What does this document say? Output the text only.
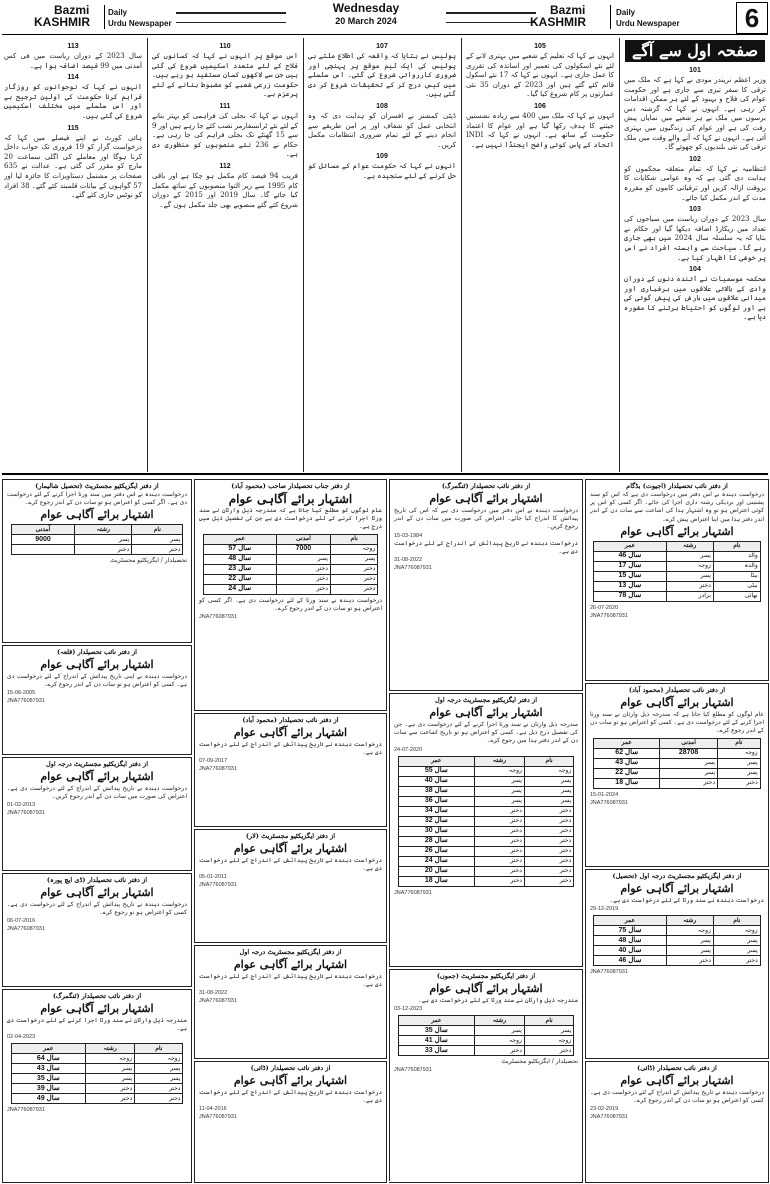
Bazmi
KASHMIR
Daily
Urdu Newspaper
Wednesday
20 March 2024
Bazmi
KASHMIR
Daily
Urdu Newspaper	6
صفحہ اول سے آگے
101
وزیر اعظم نریندر مودی نے کہا ہے کہ ملک میں ترقی کا سفر تیزی سے جاری ہے اور حکومت عوام کی فلاح و بہبود کے لئے ہر ممکن اقدامات کر رہی ہے۔ انہوں نے کہا کہ گزشتہ دس برسوں میں ملک نے ہر شعبے میں نمایاں پیش رفت کی ہے اور عوام کی زندگیوں میں بہتری آئی ہے۔ انہوں نے کہا کہ آنے والے وقت میں ملک ترقی کی نئی بلندیوں کو چھوئے گا۔
102
انتظامیہ نے کہا کہ تمام متعلقہ محکموں کو ہدایت دی گئی ہے کہ وہ عوامی شکایات کا بروقت ازالہ کریں اور ترقیاتی کاموں کو مقررہ مدت کے اندر مکمل کیا جائے۔
103
سال 2023 کے دوران ریاست میں سیاحوں کی تعداد میں ریکارڈ اضافہ دیکھا گیا اور حکام نے بتایا کہ یہ سلسلہ سال 2024 میں بھی جاری رہے گا۔ سیاحت سے وابستہ افراد نے اس پر خوشی کا اظہار کیا ہے۔
104
محکمہ موسمیات نے آئندہ دنوں کے دوران وادی کے بالائی علاقوں میں برفباری اور میدانی علاقوں میں بارش کی پیش گوئی کی ہے اور لوگوں کو احتیاط برتنے کا مشورہ دیا ہے۔
105
انہوں نے کہا کہ تعلیم کے شعبے میں بہتری لانے کے لئے نئے اسکولوں کی تعمیر اور اساتذہ کی تقرری کا عمل جاری ہے۔ انہوں نے کہا کہ 17 نئے اسکول قائم کئے گئے ہیں اور 2023 کے دوران 35 نئی عمارتوں پر کام شروع کیا گیا۔
106
انہوں نے کہا کہ ملک میں 400 سے زیادہ نشستیں جیتنے کا ہدف رکھا گیا ہے اور عوام کا اعتماد حکومت کے ساتھ ہے۔ انہوں نے کہا کہ INDI اتحاد کے پاس کوئی واضح ایجنڈا نہیں ہے۔
107
پولیس نے بتایا کہ واقعہ کی اطلاع ملتے ہی پولیس کی ایک ٹیم موقع پر پہنچی اور ضروری کارروائی شروع کی گئی۔ اس سلسلے میں کیس درج کر کے تحقیقات شروع کر دی گئی ہیں۔
108
ڈپٹی کمشنر نے افسران کو ہدایت دی کہ وہ انتخابی عمل کو شفاف اور پر امن طریقے سے انجام دینے کے لئے تمام ضروری انتظامات مکمل کریں۔
109
انہوں نے کہا کہ حکومت عوام کے مسائل کو حل کرنے کے لئے سنجیدہ ہے۔
110
اس موقع پر انہوں نے کہا کہ کسانوں کی فلاح کے لئے متعدد اسکیمیں شروع کی گئی ہیں جن سے لاکھوں کسان مستفید ہو رہے ہیں۔ حکومت زرعی شعبے کو مضبوط بنانے کے لئے پرعزم ہے۔
111
انہوں نے کہا کہ بجلی کی فراہمی کو بہتر بنانے کے لئے نئے ٹرانسفارمر نصب کئے جا رہے ہیں اور 9 سے 15 گھنٹے تک بجلی فراہم کی جا رہی ہے۔ حکام نے 236 نئے منصوبوں کو منظوری دی ہے۔
112
قریب 94 فیصد کام مکمل ہو چکا ہے اور باقی کام 1995 سے زیر التوا منصوبوں کے ساتھ مکمل کیا جائے گا۔ سال 2019 اور 2015 کے دوران شروع کئے گئے منصوبے بھی جلد مکمل ہوں گے۔
113
سال 2023 کے دوران ریاست میں فی کس آمدنی میں 99 فیصد اضافہ ہوا ہے۔
114
انہوں نے کہا کہ نوجوانوں کو روزگار فراہم کرنا حکومت کی اولین ترجیح ہے اور اس سلسلے میں مختلف اسکیمیں شروع کی گئی ہیں۔
115
ہائی کورٹ نے اپنے فیصلے میں کہا کہ درخواست گزار کو 19 فروری تک جواب داخل کرنا ہوگا اور معاملے کی اگلی سماعت 20 مارچ کو مقرر کی گئی ہے۔ عدالت نے 635 صفحات پر مشتمل دستاویزات کا جائزہ لیا اور 57 گواہوں کے بیانات قلمبند کئے گئے۔ 38 افراد کو نوٹس جاری کئے گئے۔
از دفتر نائب تحصیلدار (اجیوت) بڈگام
درخواست دہندہ نے اس دفتر میں درخواست دی ہے کہ اس کو سند پشتینی اور نزدیکی رشتہ داری اجرا کی جائے۔ اگر کسی کو اس پر کوئی اعتراض ہو تو وہ اشتہار ہذا کی اشاعت سے سات دن کے اندر اندر دفتر ہذا میں اپنا اعتراض پیش کرے۔
اشتہار برائے آگاہی عوام
نام	رشتہ	عمر
والد	پسر	46 سال
والدہ	زوجہ	17 سال
بیٹا	پسر	15 سال
بیٹی	دختر	13 سال
بھائی	برادر	78 سال
26-07-2020
JNA776087931
از دفتر نائب تحصیلدار (محمود آباد)
اشتہار برائے آگاہی عوام
عام لوگوں کو مطلع کیا جاتا ہے کہ مندرجہ ذیل وارثان نے سند ورثا اجرا کرنے کے لئے درخواست دی ہے۔ کسی کو اعتراض ہو تو سات دن کے اندر رجوع کرے۔
نام	آمدنی	عمر
زوجہ	28708	62 سال
پسر	پسر	43 سال
پسر	پسر	22 سال
دختر	دختر	18 سال
15-01-2024
JNA776087931
از دفتر ایگزیکٹیو مجسٹریٹ درجہ اول (تحصیل)
اشتہار برائے آگاہی عوام
درخواست دہندہ نے سند ورثا کے لئے درخواست دی ہے۔
29-12-2019
نام	رشتہ	عمر
زوجہ	زوجہ	75 سال
پسر	پسر	48 سال
پسر	پسر	40 سال
دختر	دختر	46 سال
JNA776087931
از دفتر نائب تحصیلدار (ڈائی)
اشتہار برائے آگاہی عوام
درخواست دہندہ نے تاریخ پیدائش کے اندراج کے لئے درخواست دی ہے۔ کسی کو اعتراض ہو تو سات دن کے اندر رجوع کرے۔
23-02-2019
JNA776087931
از دفتر نائب تحصیلدار (ٹنگمرگ)
اشتہار برائے آگاہی عوام
درخواست دہندہ نے اس دفتر میں درخواست دی ہے کہ اس کی تاریخ پیدائش کا اندراج کیا جائے۔ اعتراض کی صورت میں سات دن کے اندر رجوع کریں۔
15-03-1984
درخواست دہندہ نے تاریخ پیدائش کے اندراج کے لئے درخواست دی ہے۔
31-08-2022
JNA776087931
از دفتر ایگزیکٹیو مجسٹریٹ درجہ اول
اشتہار برائے آگاہی عوام
مندرجہ ذیل وارثان نے سند ورثا اجرا کرنے کے لئے درخواست دی ہے۔ جن کی تفصیل درج ذیل ہے۔ کسی کو اعتراض ہو تو تاریخ اشاعت سے سات دن کے اندر دفتر ہذا میں رجوع کرے۔
24-07-2020
نام	رشتہ	عمر
زوجہ	زوجہ	55 سال
پسر	پسر	40 سال
پسر	پسر	38 سال
پسر	پسر	36 سال
دختر	دختر	34 سال
دختر	دختر	32 سال
دختر	دختر	30 سال
دختر	دختر	28 سال
دختر	دختر	26 سال
دختر	دختر	24 سال
دختر	دختر	20 سال
دختر	دختر	18 سال
JNA776087931
از دفتر ایگزیکٹیو مجسٹریٹ (جموں)
اشتہار برائے آگاہی عوام
مندرجہ ذیل وارثان نے سند ورثا کے لئے درخواست دی ہے۔
03-12-2023
نام	رشتہ	عمر
پسر	پسر	35 سال
زوجہ	زوجہ	41 سال
دختر	دختر	33 سال
تحصیلدار / ایگزیکٹیو مجسٹریٹ
JNA776087931
از دفتر جناب تحصیلدار صاحب (محمود آباد)
اشتہار برائے آگاہی عوام
عام لوگوں کو مطلع کیا جاتا ہے کہ مندرجہ ذیل وارثان نے سند ورثا اجرا کرنے کے لئے درخواست دی ہے جن کی تفصیل ذیل میں درج ہے۔
نام	آمدنی	عمر
زوجہ	7000	57 سال
پسر	پسر	48 سال
دختر	دختر	23 سال
دختر	دختر	22 سال
دختر	دختر	24 سال
درخواست دہندہ نے سند ورثا کے لئے درخواست دی ہے۔ اگر کسی کو اعتراض ہو تو سات دن کے اندر رجوع کرے۔
JNA776087931
از دفتر نائب تحصیلدار (محمود آباد)
اشتہار برائے آگاہی عوام
درخواست دہندہ نے تاریخ پیدائش کے اندراج کے لئے درخواست دی ہے۔
07-09-2017
JNA776087931
از دفتر ایگزیکٹیو مجسٹریٹ (لار)
اشتہار برائے آگاہی عوام
درخواست دہندہ نے تاریخ پیدائش کے اندراج کے لئے درخواست دی ہے۔
05-01-2011
JNA776087931
از دفتر ایگزیکٹیو مجسٹریٹ درجہ اول
اشتہار برائے آگاہی عوام
درخواست دہندہ نے تاریخ پیدائش کے اندراج کے لئے درخواست دی ہے۔
31-08-2022
JNA776087931
از دفتر نائب تحصیلدار (ڈائی)
اشتہار برائے آگاہی عوام
درخواست دہندہ نے تاریخ پیدائش کے اندراج کے لئے درخواست دی ہے۔
11-04-2016
JNA776087931
از دفتر ایگزیکٹیو مجسٹریٹ (تحصیل شالیمار)
درخواست دہندہ نے اس دفتر میں سند ورثا اجرا کرنے کے لئے درخواست دی ہے۔ اگر کسی کو اعتراض ہو تو سات دن کے اندر رجوع کرے۔
اشتہار برائے آگاہی عوام
نام	رشتہ	آمدنی
پسر	پسر	9000
دختر	دختر	
تحصیلدار / ایگزیکٹیو مجسٹریٹ
از دفتر نائب تحصیلدار (قلعہ)
اشتہار برائے آگاہی عوام
درخواست دہندہ نے اپنی تاریخ پیدائش کے اندراج کے لئے درخواست دی ہے۔ کسی کو اعتراض ہو تو سات دن کے اندر رجوع کرے۔
15-06-2005
JNA776087931
از دفتر ایگزیکٹیو مجسٹریٹ درجہ اول
اشتہار برائے آگاہی عوام
درخواست دہندہ نے تاریخ پیدائش کے اندراج کے لئے درخواست دی ہے۔ اعتراض کی صورت میں سات دن کے اندر رجوع کریں۔
01-02-2013
JNA776087931
از دفتر نائب تحصیلدار (ڈی ایچ پورہ)
اشتہار برائے آگاہی عوام
درخواست دہندہ نے تاریخ پیدائش کے اندراج کے لئے درخواست دی ہے۔ کسی کو اعتراض ہو تو رجوع کرے۔
06-07-2016
JNA776087931
از دفتر نائب تحصیلدار (ٹنگمرگ)
اشتہار برائے آگاہی عوام
مندرجہ ذیل وارثان نے سند ورثا اجرا کرنے کے لئے درخواست دی ہے۔
02-04-2023
نام	رشتہ	عمر
زوجہ	زوجہ	64 سال
پسر	پسر	43 سال
پسر	پسر	35 سال
دختر	دختر	39 سال
دختر	دختر	49 سال
JNA776087931
از
